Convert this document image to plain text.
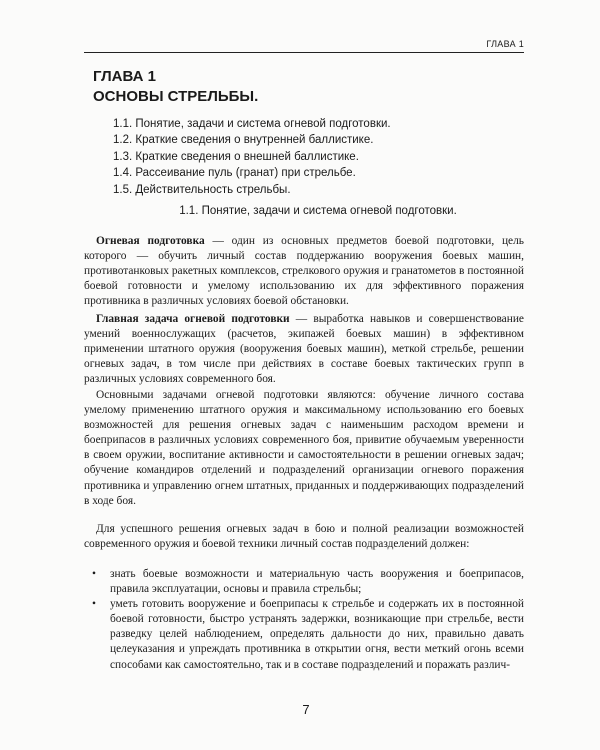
ГЛАВА 1
ГЛАВА 1
ОСНОВЫ СТРЕЛЬБЫ.
1.1. Понятие, задачи и система огневой подготовки.
1.2. Краткие сведения о внутренней баллистике.
1.3. Краткие сведения о внешней баллистике.
1.4. Рассеивание пуль (гранат) при стрельбе.
1.5. Действительность стрельбы.
1.1. Понятие, задачи и система огневой подготовки.

Огневая подготовка — один из основных предметов боевой подготовки, цель которого — обучить личный состав поддержанию вооружения боевых машин, противотанковых ракетных комплексов, стрелкового оружия и гранатометов в постоянной боевой готовности и умелому использованию их для эффективного поражения противника в различных условиях боевой обстановки.

Главная задача огневой подготовки — выработка навыков и совершенствование умений военнослужащих (расчетов, экипажей боевых машин) в эффективном применении штатного оружия (вооружения боевых машин), меткой стрельбе, решении огневых задач, в том числе при действиях в составе боевых тактических групп в различных условиях современного боя.

Основными задачами огневой подготовки являются: обучение личного состава умелому применению штатного оружия и максимальному использованию его боевых возможностей для решения огневых задач с наименьшим расходом времени и боеприпасов в различных условиях современного боя, привитие обучаемым уверенности в своем оружии, воспитание активности и самостоятельности в решении огневых задач; обучение командиров отделений и подразделений организации огневого поражения противника и управлению огнем штатных, приданных и поддерживающих подразделений в ходе боя.

Для успешного решения огневых задач в бою и полной реализации возможностей современного оружия и боевой техники личный состав подразделений должен:

• знать боевые возможности и материальную часть вооружения и боеприпасов, правила эксплуатации, основы и правила стрельбы;
• уметь готовить вооружение и боеприпасы к стрельбе и содержать их в постоянной боевой готовности, быстро устранять задержки, возникающие при стрельбе, вести разведку целей наблюдением, определять дальности до них, правильно давать целеуказания и упреждать противника в открытии огня, вести меткий огонь всеми способами как самостоятельно, так и в составе подразделений и поражать различ-
7
